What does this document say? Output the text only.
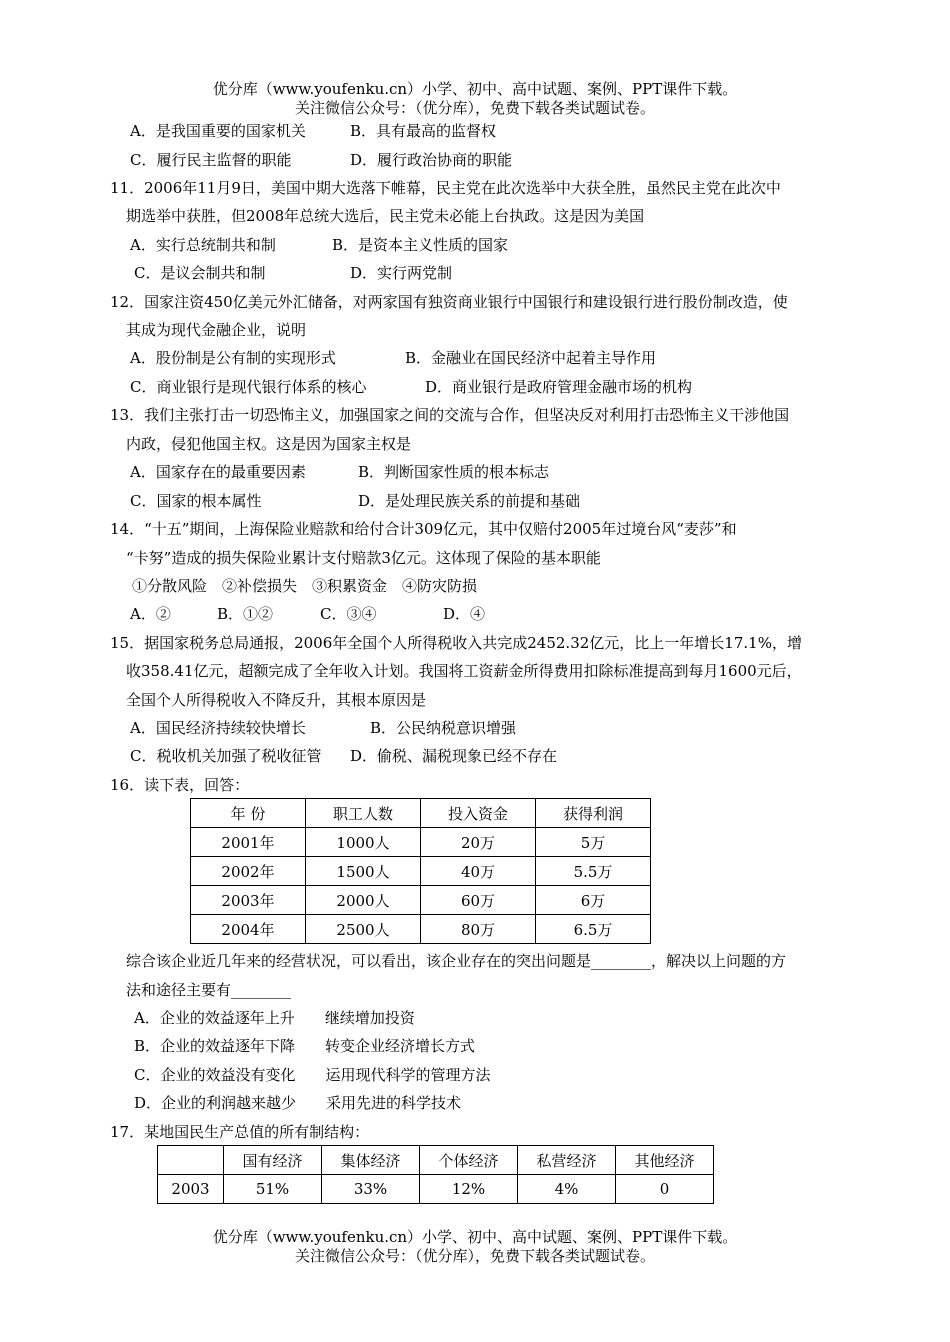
优分库（www.youfenku.cn）小学、初中、高中试题、案例、PPT课件下载。
关注微信公众号：（优分库），免费下载各类试题试卷。
A．是我国重要的国家机关	B．具有最高的监督权
C．履行民主监督的职能	D．履行政治协商的职能
11．2006年11月9日，美国中期大选落下帷幕，民主党在此次选举中大获全胜，虽然民主党在此次中
期选举中获胜，但2008年总统大选后，民主党未必能上台执政。这是因为美国
A．实行总统制共和制	B．是资本主义性质的国家
C．是议会制共和制	D．实行两党制
12．国家注资450亿美元外汇储备，对两家国有独资商业银行中国银行和建设银行进行股份制改造，使
其成为现代金融企业，说明
A．股份制是公有制的实现形式	B．金融业在国民经济中起着主导作用
C．商业银行是现代银行体系的核心	D．商业银行是政府管理金融市场的机构
13．我们主张打击一切恐怖主义，加强国家之间的交流与合作，但坚决反对利用打击恐怖主义干涉他国
内政，侵犯他国主权。这是因为国家主权是
A．国家存在的最重要因素	B．判断国家性质的根本标志
C．国家的根本属性	D．是处理民族关系的前提和基础
14．“十五”期间，上海保险业赔款和给付合计309亿元，其中仅赔付2005年过境台风“麦莎”和
“卡努”造成的损失保险业累计支付赔款3亿元。这体现了保险的基本职能
①分散风险　②补偿损失　③积累资金　④防灾防损
A．②	B．①②	C．③④	D．④
15．据国家税务总局通报，2006年全国个人所得税收入共完成2452.32亿元，比上一年增长17.1%，增
收358.41亿元，超额完成了全年收入计划。我国将工资薪金所得费用扣除标准提高到每月1600元后，
全国个人所得税收入不降反升，其根本原因是
A．国民经济持续较快增长	B．公民纳税意识增强
C．税收机关加强了税收征管 D．偷税、漏税现象已经不存在
16．读下表，回答：
年 份	职工人数	投入资金	获得利润
2001年	1000人	20万	5万
2002年	1500人	40万	5.5万
2003年	2000人	60万	6万
2004年	2500人	80万	6.5万
综合该企业近几年来的经营状况，可以看出，该企业存在的突出问题是________，解决以上问题的方
法和途径主要有________
A．企业的效益逐年上升　　继续增加投资
B．企业的效益逐年下降　　转变企业经济增长方式
C．企业的效益没有变化　　运用现代科学的管理方法
D．企业的利润越来越少　　采用先进的科学技术
17．某地国民生产总值的所有制结构：
	国有经济	集体经济	个体经济	私营经济	其他经济
2003	51%	33%	12%	4%	0
优分库（www.youfenku.cn）小学、初中、高中试题、案例、PPT课件下载。
关注微信公众号：（优分库），免费下载各类试题试卷。
